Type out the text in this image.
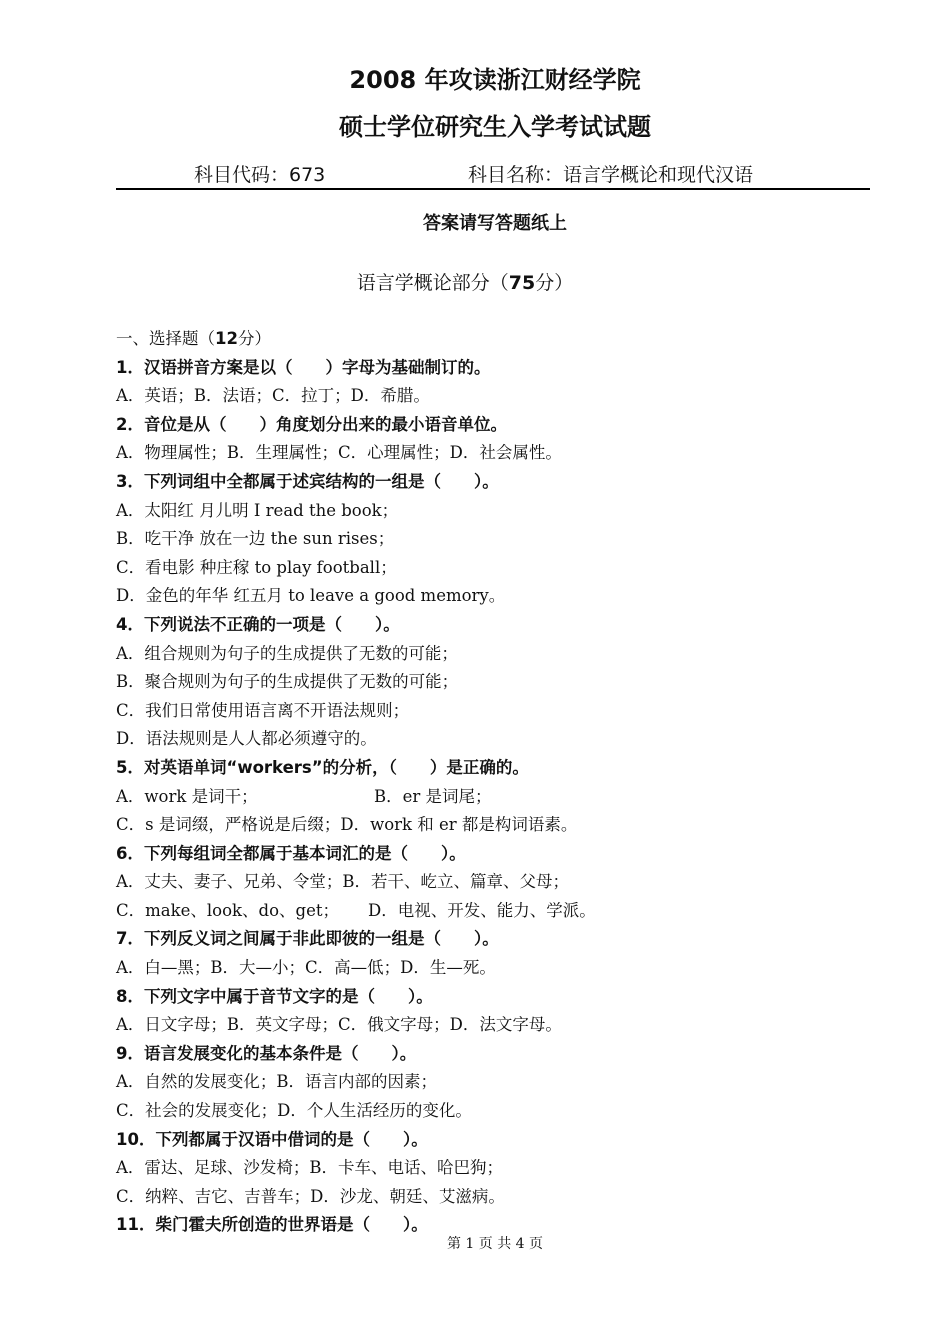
2008 年攻读浙江财经学院
硕士学位研究生入学考试试题
科目代码：673	科目名称：语言学概论和现代汉语
答案请写答题纸上
语言学概论部分（75分）
一、选择题（12分）
1．汉语拼音方案是以（　　）字母为基础制订的。
A．英语；B．法语；C．拉丁；D．希腊。
2．音位是从（　　）角度划分出来的最小语音单位。
A．物理属性；B．生理属性；C．心理属性；D．社会属性。
3．下列词组中全都属于述宾结构的一组是（　　）。
A．太阳红 月儿明 I read the book；
B．吃干净 放在一边 the sun rises；
C．看电影 种庄稼 to play football；
D．金色的年华 红五月 to leave a good memory。
4．下列说法不正确的一项是（　　）。
A．组合规则为句子的生成提供了无数的可能；
B．聚合规则为句子的生成提供了无数的可能；
C．我们日常使用语言离不开语法规则；
D．语法规则是人人都必须遵守的。
5．对英语单词“workers”的分析，（　　）是正确的。
A．work 是词干；	B．er 是词尾；
C．s 是词缀，严格说是后缀；D．work 和 er 都是构词语素。
6．下列每组词全都属于基本词汇的是（　　）。
A．丈夫、妻子、兄弟、令堂；B．若干、屹立、篇章、父母；
C．make、look、do、get； D．电视、开发、能力、学派。
7．下列反义词之间属于非此即彼的一组是（　　）。
A．白—黑；B．大—小；C．高—低；D．生—死。
8．下列文字中属于音节文字的是（　　）。
A．日文字母；B．英文字母；C．俄文字母；D．法文字母。
9．语言发展变化的基本条件是（　　）。
A．自然的发展变化；B．语言内部的因素；
C．社会的发展变化；D．个人生活经历的变化。
10．下列都属于汉语中借词的是（　　）。
A．雷达、足球、沙发椅；B．卡车、电话、哈巴狗；
C．纳粹、吉它、吉普车；D．沙龙、朝廷、艾滋病。
11．柴门霍夫所创造的世界语是（　　）。
第 1 页 共 4 页
